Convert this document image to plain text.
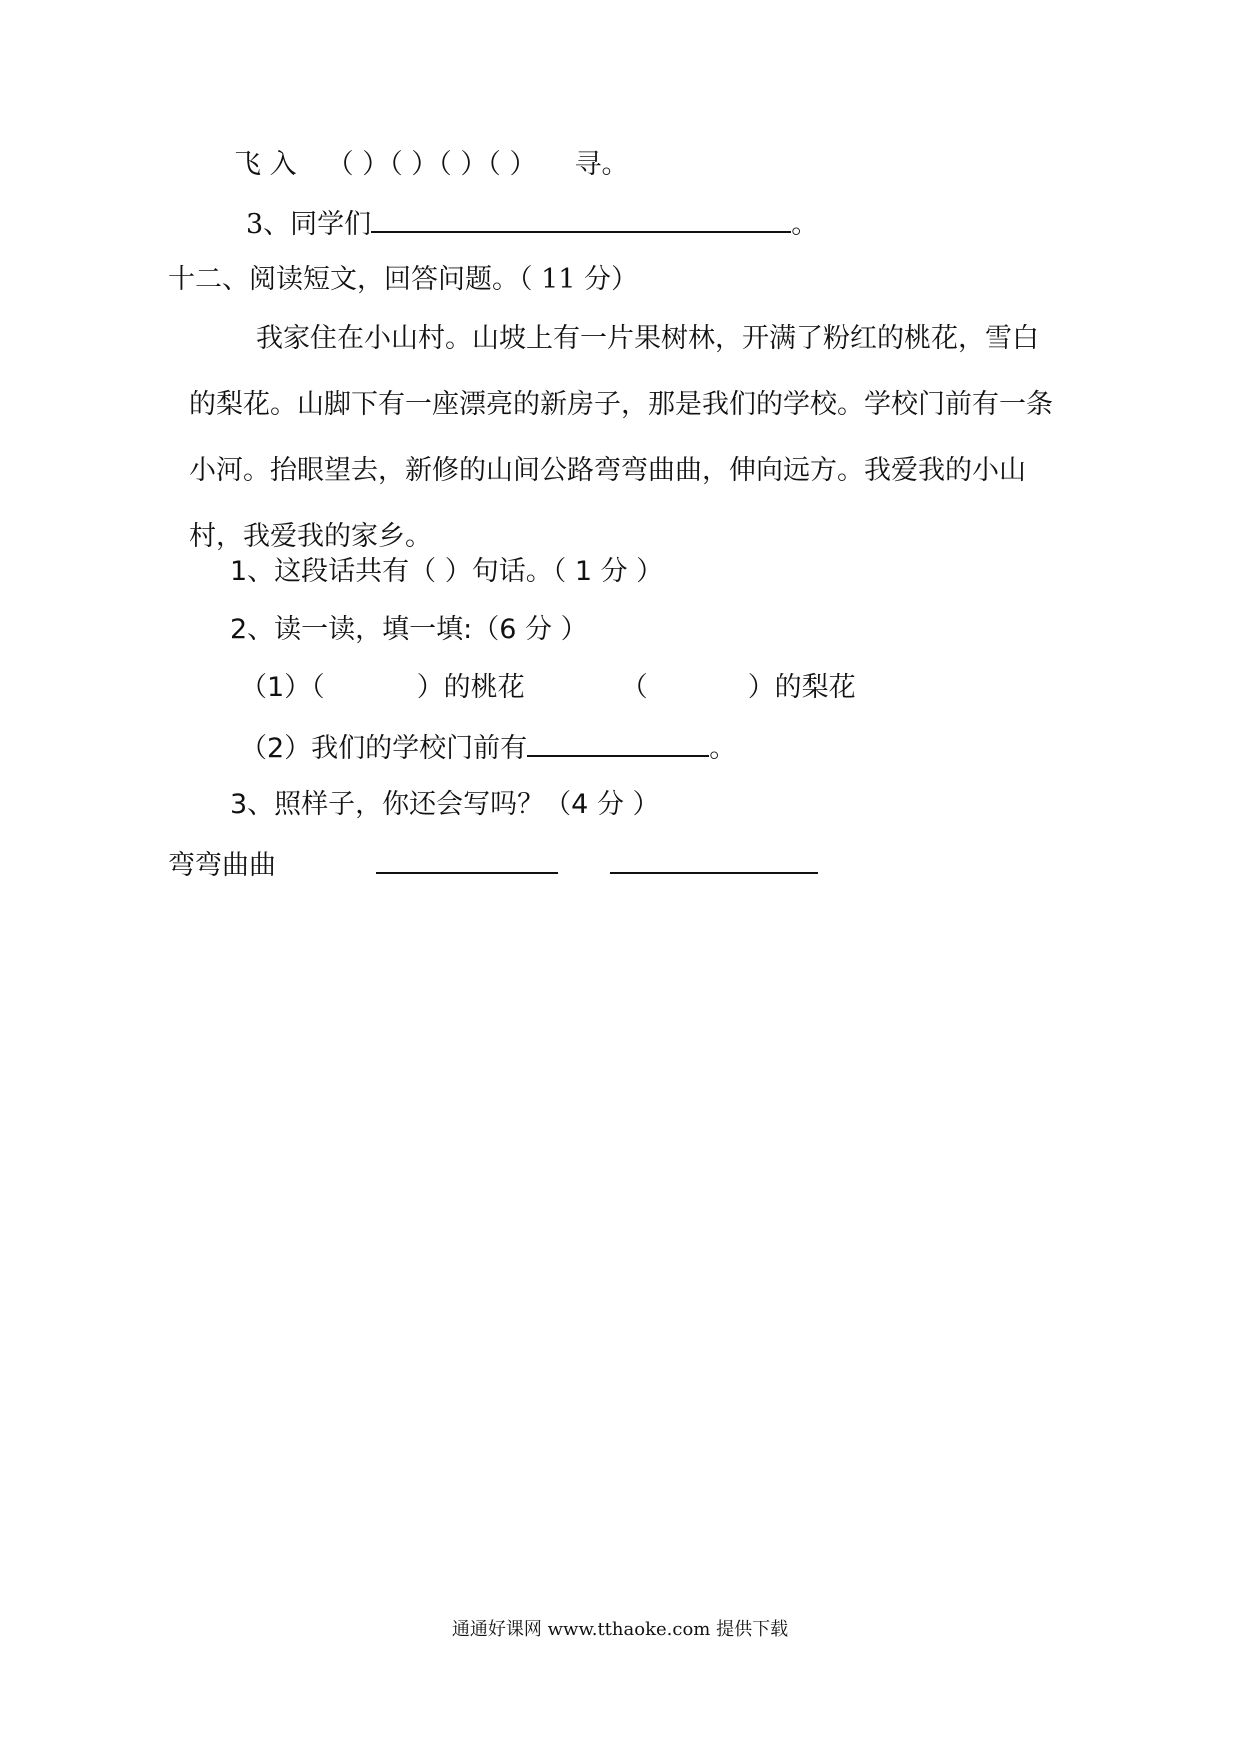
飞 入 （ ）（ ）（ ）（ ） 寻。
3、同学们	。
十二、阅读短文，回答问题。（ 11 分）
我家住在小山村。山坡上有一片果树林，开满了粉红的桃花，雪白的梨花。山脚下有一座漂亮的新房子，那是我们的学校。学校门前有一条小河。抬眼望去，新修的山间公路弯弯曲曲，伸向远方。我爱我的小山村，我爱我的家乡。
1、这段话共有（ ）句话。（ 1 分 ）
2、读一读，填一填:（6 分 ）
（1）（	）的桃花	（	）的梨花
（2）我们的学校门前有	。
3、照样子，你还会写吗？（4 分 ）
弯弯曲曲
通通好课网 www.tthaoke.com 提供下载
